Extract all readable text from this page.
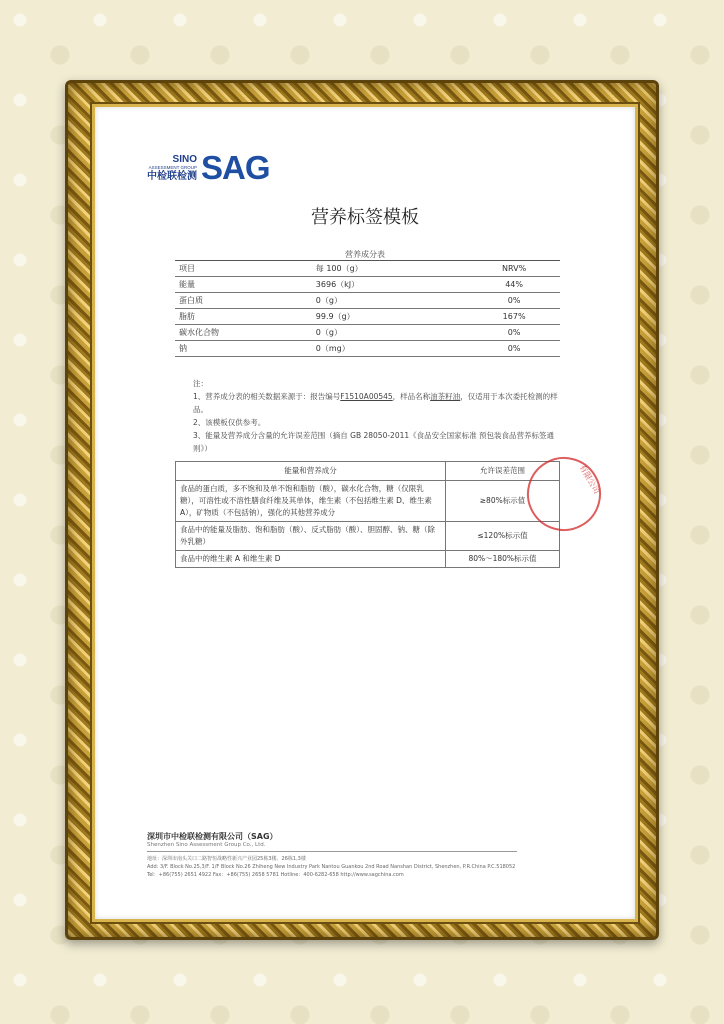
SINO
ASSESSMENT GROUP
中检联检测 SAG
营养标签模板
营养成分表
项目	每 100（g）	NRV%
能量	3696（kJ）	44%
蛋白质	0（g）	0%
脂肪	99.9（g）	167%
碳水化合物	0（g）	0%
钠	0（mg）	0%
注：
1、营养成分表的相关数据来源于：报告编号F1510A00545，样品名称油茶籽油，仅适用于本次委托检测的样品。
2、该模板仅供参考。
3、能量及营养成分含量的允许误差范围（摘自 GB 28050-2011《食品安全国家标准 预包装食品营养标签通则》）
能量和营养成分	允许误差范围
食品的蛋白质，多不饱和及单不饱和脂肪（酸），碳水化合物，糖（仅限乳糖），可溶性或不溶性膳食纤维及其单体，维生素（不包括维生素 D、维生素 A），矿物质（不包括钠），强化的其他营养成分	≥80%标示值
食品中的能量及脂肪、饱和脂肪（酸）、反式脂肪（酸）、胆固醇、钠、糖（除外乳糖）	≤120%标示值
食品中的维生素 A 和维生素 D	80%～180%标示值
有限公司
深圳市中检联检测有限公司（SAG）
Shenzhen Sino Assessment Group Co., Ltd.
地址：深圳市南头关口二路智恒战略性新兴产业园25栋3楼、26栋1,3楼
Add: 3/F. Block No.25,3/F. 1/F Block No.26 Zhiheng New Industry Park Nantou Guankou 2nd Road Nanshan District, Shenzhen, P.R.China P.C.518052
Tel：+86(755) 2651 4922 Fax：+86(755) 2658 5781 Hotline：400-6282-658 http://www.sagchina.com
